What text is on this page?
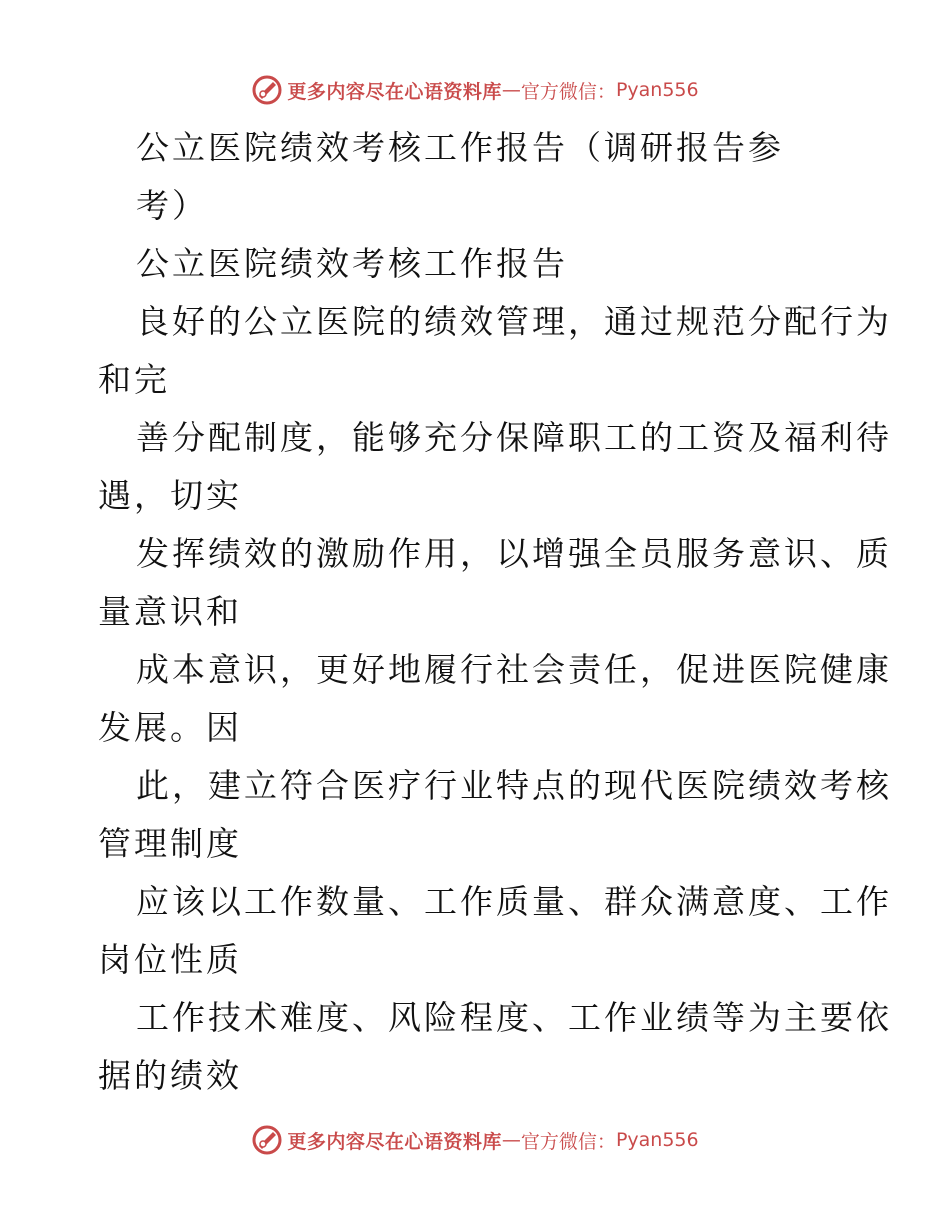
更多内容尽在心语资料库 — 官方微信： Pyan556
公立医院绩效考核工作报告（调研报告参
考）
公立医院绩效考核工作报告
良好的公立医院的绩效管理，通过规范分配行为
和完
善分配制度，能够充分保障职工的工资及福利待
遇，切实
发挥绩效的激励作用，以增强全员服务意识、质
量意识和
成本意识，更好地履行社会责任，促进医院健康
发展。因
此，建立符合医疗行业特点的现代医院绩效考核
管理制度
应该以工作数量、工作质量、群众满意度、工作
岗位性质
工作技术难度、风险程度、工作业绩等为主要依
据的绩效
更多内容尽在心语资料库 — 官方微信： Pyan556
